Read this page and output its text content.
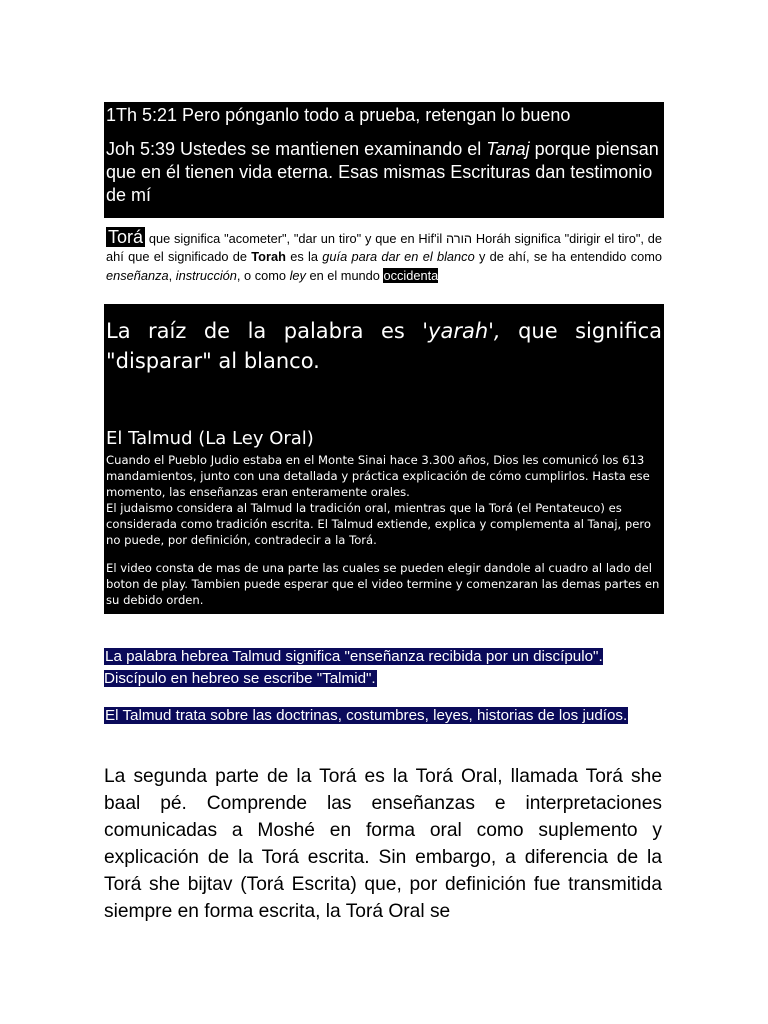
1Th 5:21 Pero pónganlo todo a prueba, retengan lo bueno
Joh 5:39 Ustedes se mantienen examinando el Tanaj porque piensan que en él tienen vida eterna. Esas mismas Escrituras dan testimonio de mí
Torá que significa "acometer", "dar un tiro" y que en Hif'il הורה Horáh significa "dirigir el tiro", de ahí que el significado de Torah es la guía para dar en el blanco y de ahí, se ha entendido como enseñanza, instrucción, o como ley en el mundo occidenta
La raíz de la palabra es 'yarah', que significa "disparar" al blanco.
El Talmud (La Ley Oral)

Cuando el Pueblo Judio estaba en el Monte Sinai hace 3.300 años, Dios les comunicó los 613 mandamientos, junto con una detallada y práctica explicación de cómo cumplirlos. Hasta ese momento, las enseñanzas eran enteramente orales.

El judaismo considera al Talmud la tradición oral, mientras que la Torá (el Pentateuco) es considerada como tradición escrita. El Talmud extiende, explica y complementa al Tanaj, pero no puede, por definición, contradecir a la Torá.

El video consta de mas de una parte las cuales se pueden elegir dandole al cuadro al lado del boton de play. Tambien puede esperar que el video termine y comenzaran las demas partes en su debido orden.

La palabra hebrea Talmud significa "enseñanza recibida por un discípulo". Discípulo en hebreo se escribe "Talmid".
El Talmud trata sobre las doctrinas, costumbres, leyes, historias de los judíos.
La segunda parte de la Torá es la Torá Oral, llamada Torá she baal pé. Comprende las enseñanzas e interpretaciones comunicadas a Moshé en forma oral como suplemento y explicación de la Torá escrita. Sin embargo, a diferencia de la Torá she bijtav (Torá Escrita) que, por definición fue transmitida siempre en forma escrita, la Torá Oral se
